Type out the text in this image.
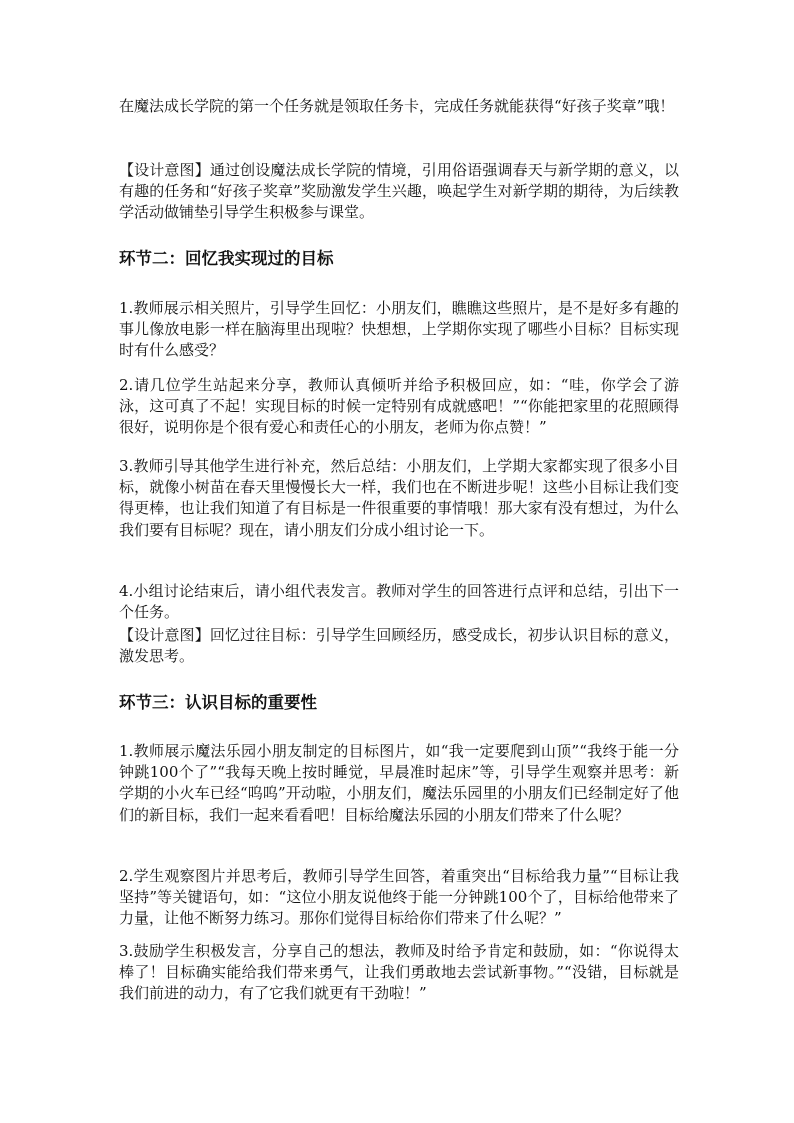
在魔法成长学院的第一个任务就是领取任务卡，完成任务就能获得“好孩子奖章”哦！

【设计意图】通过创设魔法成长学院的情境，引用俗语强调春天与新学期的意义，以有趣的任务和“好孩子奖章”奖励激发学生兴趣，唤起学生对新学期的期待，为后续教学活动做铺垫引导学生积极参与课堂。

环节二：回忆我实现过的目标

1.教师展示相关照片，引导学生回忆：小朋友们，瞧瞧这些照片，是不是好多有趣的事儿像放电影一样在脑海里出现啦？快想想，上学期你实现了哪些小目标？目标实现时有什么感受？

2.请几位学生站起来分享，教师认真倾听并给予积极回应，如：“哇，你学会了游泳，这可真了不起！实现目标的时候一定特别有成就感吧！”“你能把家里的花照顾得很好，说明你是个很有爱心和责任心的小朋友，老师为你点赞！”

3.教师引导其他学生进行补充，然后总结：小朋友们，上学期大家都实现了很多小目标，就像小树苗在春天里慢慢长大一样，我们也在不断进步呢！这些小目标让我们变得更棒，也让我们知道了有目标是一件很重要的事情哦！那大家有没有想过，为什么我们要有目标呢？现在，请小朋友们分成小组讨论一下。

4.小组讨论结束后，请小组代表发言。教师对学生的回答进行点评和总结，引出下一个任务。

【设计意图】回忆过往目标：引导学生回顾经历，感受成长，初步认识目标的意义，激发思考。

环节三：认识目标的重要性

1.教师展示魔法乐园小朋友制定的目标图片，如“我一定要爬到山顶”“我终于能一分钟跳100个了”“我每天晚上按时睡觉，早晨准时起床”等，引导学生观察并思考：新学期的小火车已经“呜呜”开动啦，小朋友们，魔法乐园里的小朋友们已经制定好了他们的新目标，我们一起来看看吧！目标给魔法乐园的小朋友们带来了什么呢？

2.学生观察图片并思考后，教师引导学生回答，着重突出“目标给我力量”“目标让我坚持”等关键语句，如：“这位小朋友说他终于能一分钟跳100个了，目标给他带来了力量，让他不断努力练习。那你们觉得目标给你们带来了什么呢？”

3.鼓励学生积极发言，分享自己的想法，教师及时给予肯定和鼓励，如：“你说得太棒了！目标确实能给我们带来勇气，让我们勇敢地去尝试新事物。”“没错，目标就是我们前进的动力，有了它我们就更有干劲啦！”
